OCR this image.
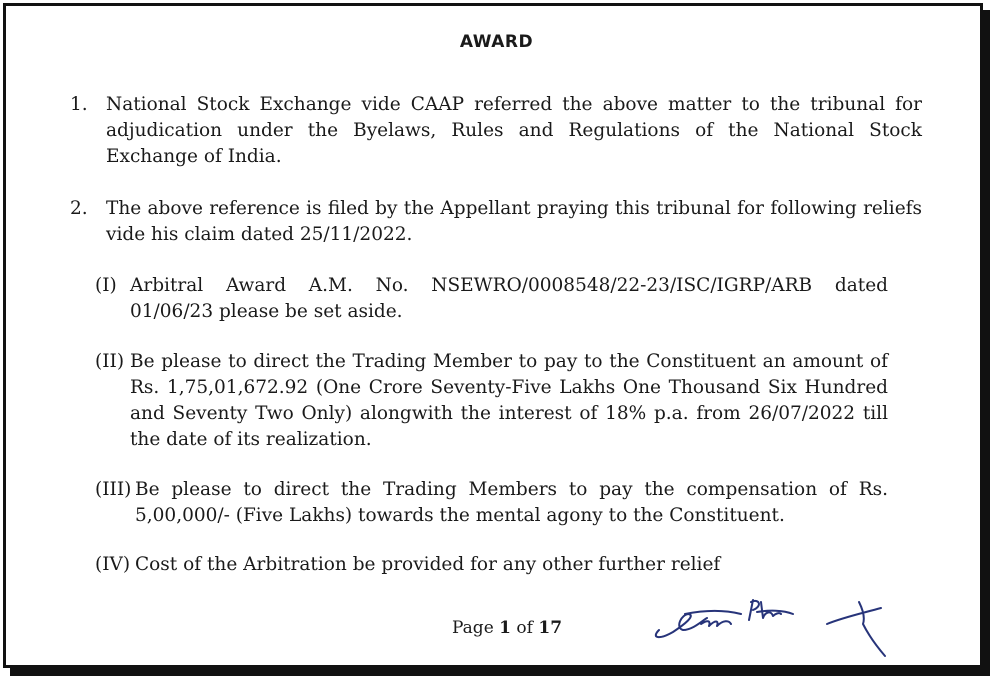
AWARD
1. National Stock Exchange vide CAAP referred the above matter to the tribunal for adjudication under the Byelaws, Rules and Regulations of the National Stock Exchange of India.

2. The above reference is filed by the Appellant praying this tribunal for following reliefs vide his claim dated 25/11/2022.

(I) Arbitral Award A.M. No. NSEWRO/0008548/22-23/ISC/IGRP/ARB dated 01/06/23 please be set aside.

(II) Be please to direct the Trading Member to pay to the Constituent an amount of Rs. 1,75,01,672.92 (One Crore Seventy-Five Lakhs One Thousand Six Hundred and Seventy Two Only) alongwith the interest of 18% p.a. from 26/07/2022 till the date of its realization.

(III) Be please to direct the Trading Members to pay the compensation of Rs. 5,00,000/- (Five Lakhs) towards the mental agony to the Constituent.

(IV) Cost of the Arbitration be provided for any other further relief

Page 1 of 17
